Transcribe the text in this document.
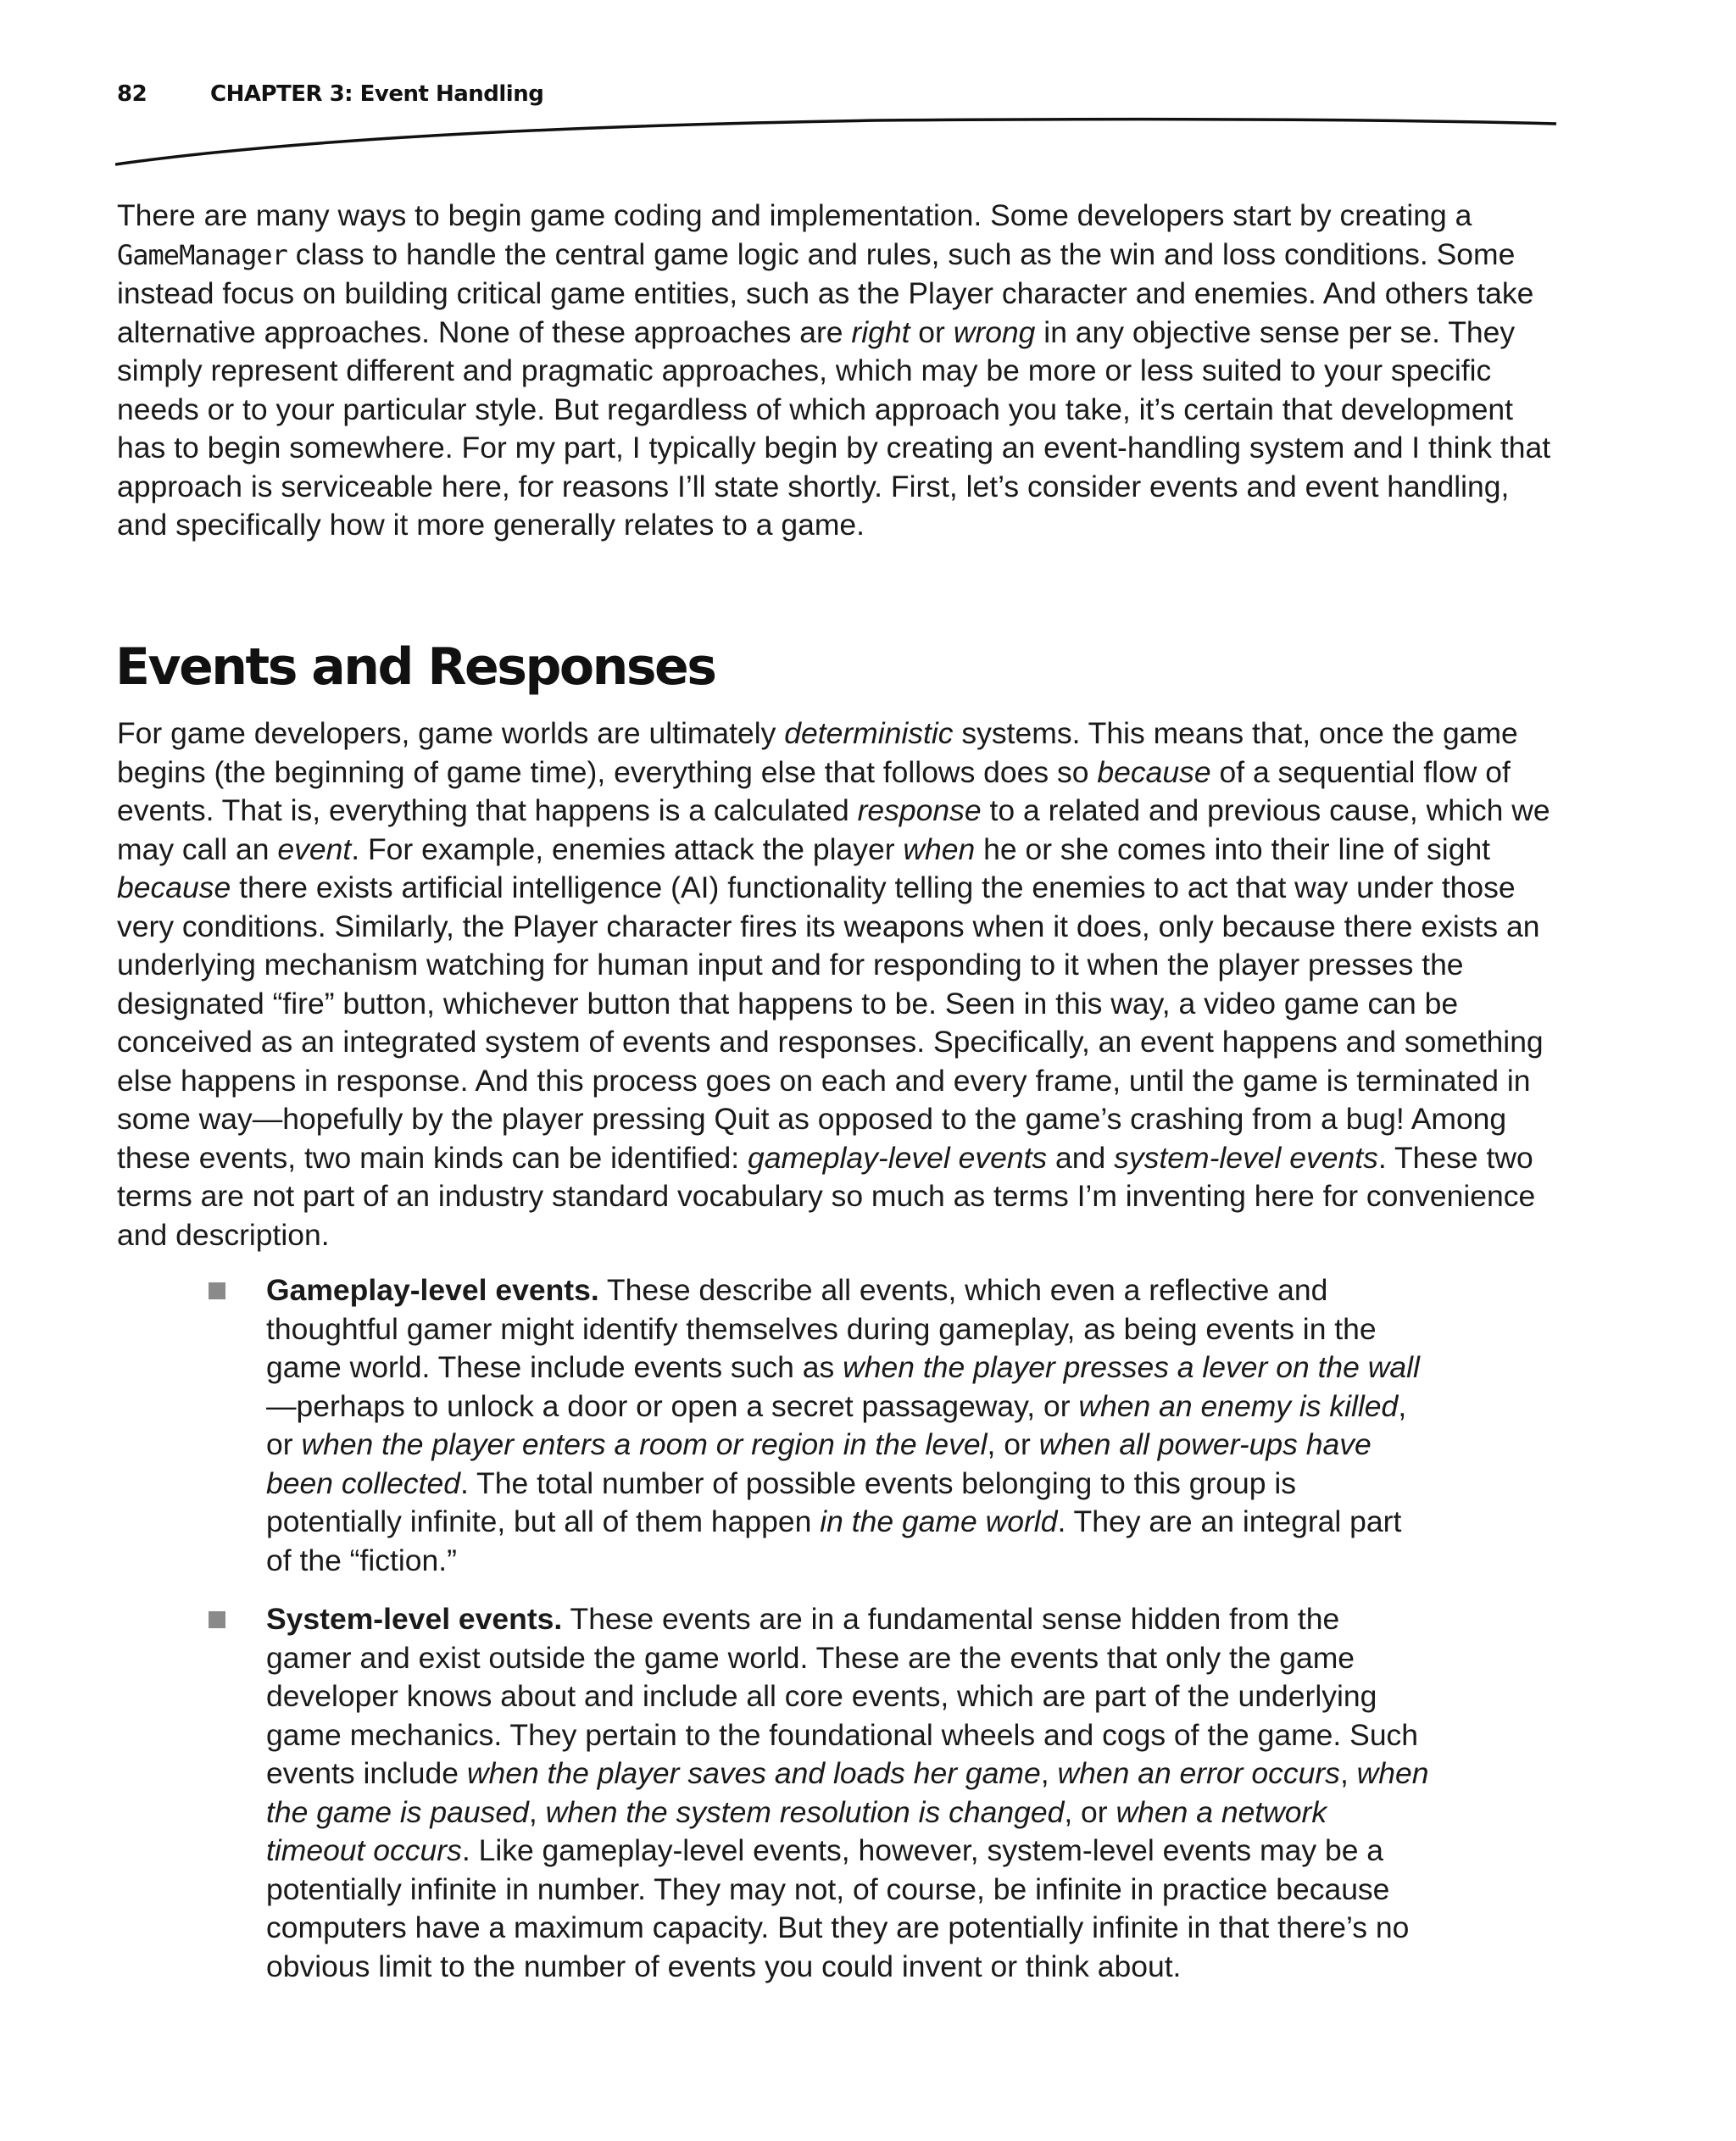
82	CHAPTER 3: Event Handling

There are many ways to begin game coding and implementation. Some developers start by creating a GameManager class to handle the central game logic and rules, such as the win and loss conditions. Some instead focus on building critical game entities, such as the Player character and enemies. And others take alternative approaches. None of these approaches are right or wrong in any objective sense per se. They simply represent different and pragmatic approaches, which may be more or less suited to your specific needs or to your particular style. But regardless of which approach you take, it’s certain that development has to begin somewhere. For my part, I typically begin by creating an event-handling system and I think that approach is serviceable here, for reasons I’ll state shortly. First, let’s consider events and event handling, and specifically how it more generally relates to a game.

Events and Responses

For game developers, game worlds are ultimately deterministic systems. This means that, once the game begins (the beginning of game time), everything else that follows does so because of a sequential flow of events. That is, everything that happens is a calculated response to a related and previous cause, which we may call an event. For example, enemies attack the player when he or she comes into their line of sight because there exists artificial intelligence (AI) functionality telling the enemies to act that way under those very conditions. Similarly, the Player character fires its weapons when it does, only because there exists an underlying mechanism watching for human input and for responding to it when the player presses the designated “fire” button, whichever button that happens to be. Seen in this way, a video game can be conceived as an integrated system of events and responses. Specifically, an event happens and something else happens in response. And this process goes on each and every frame, until the game is terminated in some way—hopefully by the player pressing Quit as opposed to the game’s crashing from a bug! Among these events, two main kinds can be identified: gameplay-level events and system-level events. These two terms are not part of an industry standard vocabulary so much as terms I’m inventing here for convenience and description.

Gameplay-level events. These describe all events, which even a reflective and thoughtful gamer might identify themselves during gameplay, as being events in the game world. These include events such as when the player presses a lever on the wall—perhaps to unlock a door or open a secret passageway, or when an enemy is killed, or when the player enters a room or region in the level, or when all power-ups have been collected. The total number of possible events belonging to this group is potentially infinite, but all of them happen in the game world. They are an integral part of the “fiction.”
System-level events. These events are in a fundamental sense hidden from the gamer and exist outside the game world. These are the events that only the game developer knows about and include all core events, which are part of the underlying game mechanics. They pertain to the foundational wheels and cogs of the game. Such events include when the player saves and loads her game, when an error occurs, when the game is paused, when the system resolution is changed, or when a network timeout occurs. Like gameplay-level events, however, system-level events may be a potentially infinite in number. They may not, of course, be infinite in practice because computers have a maximum capacity. But they are potentially infinite in that there’s no obvious limit to the number of events you could invent or think about.
